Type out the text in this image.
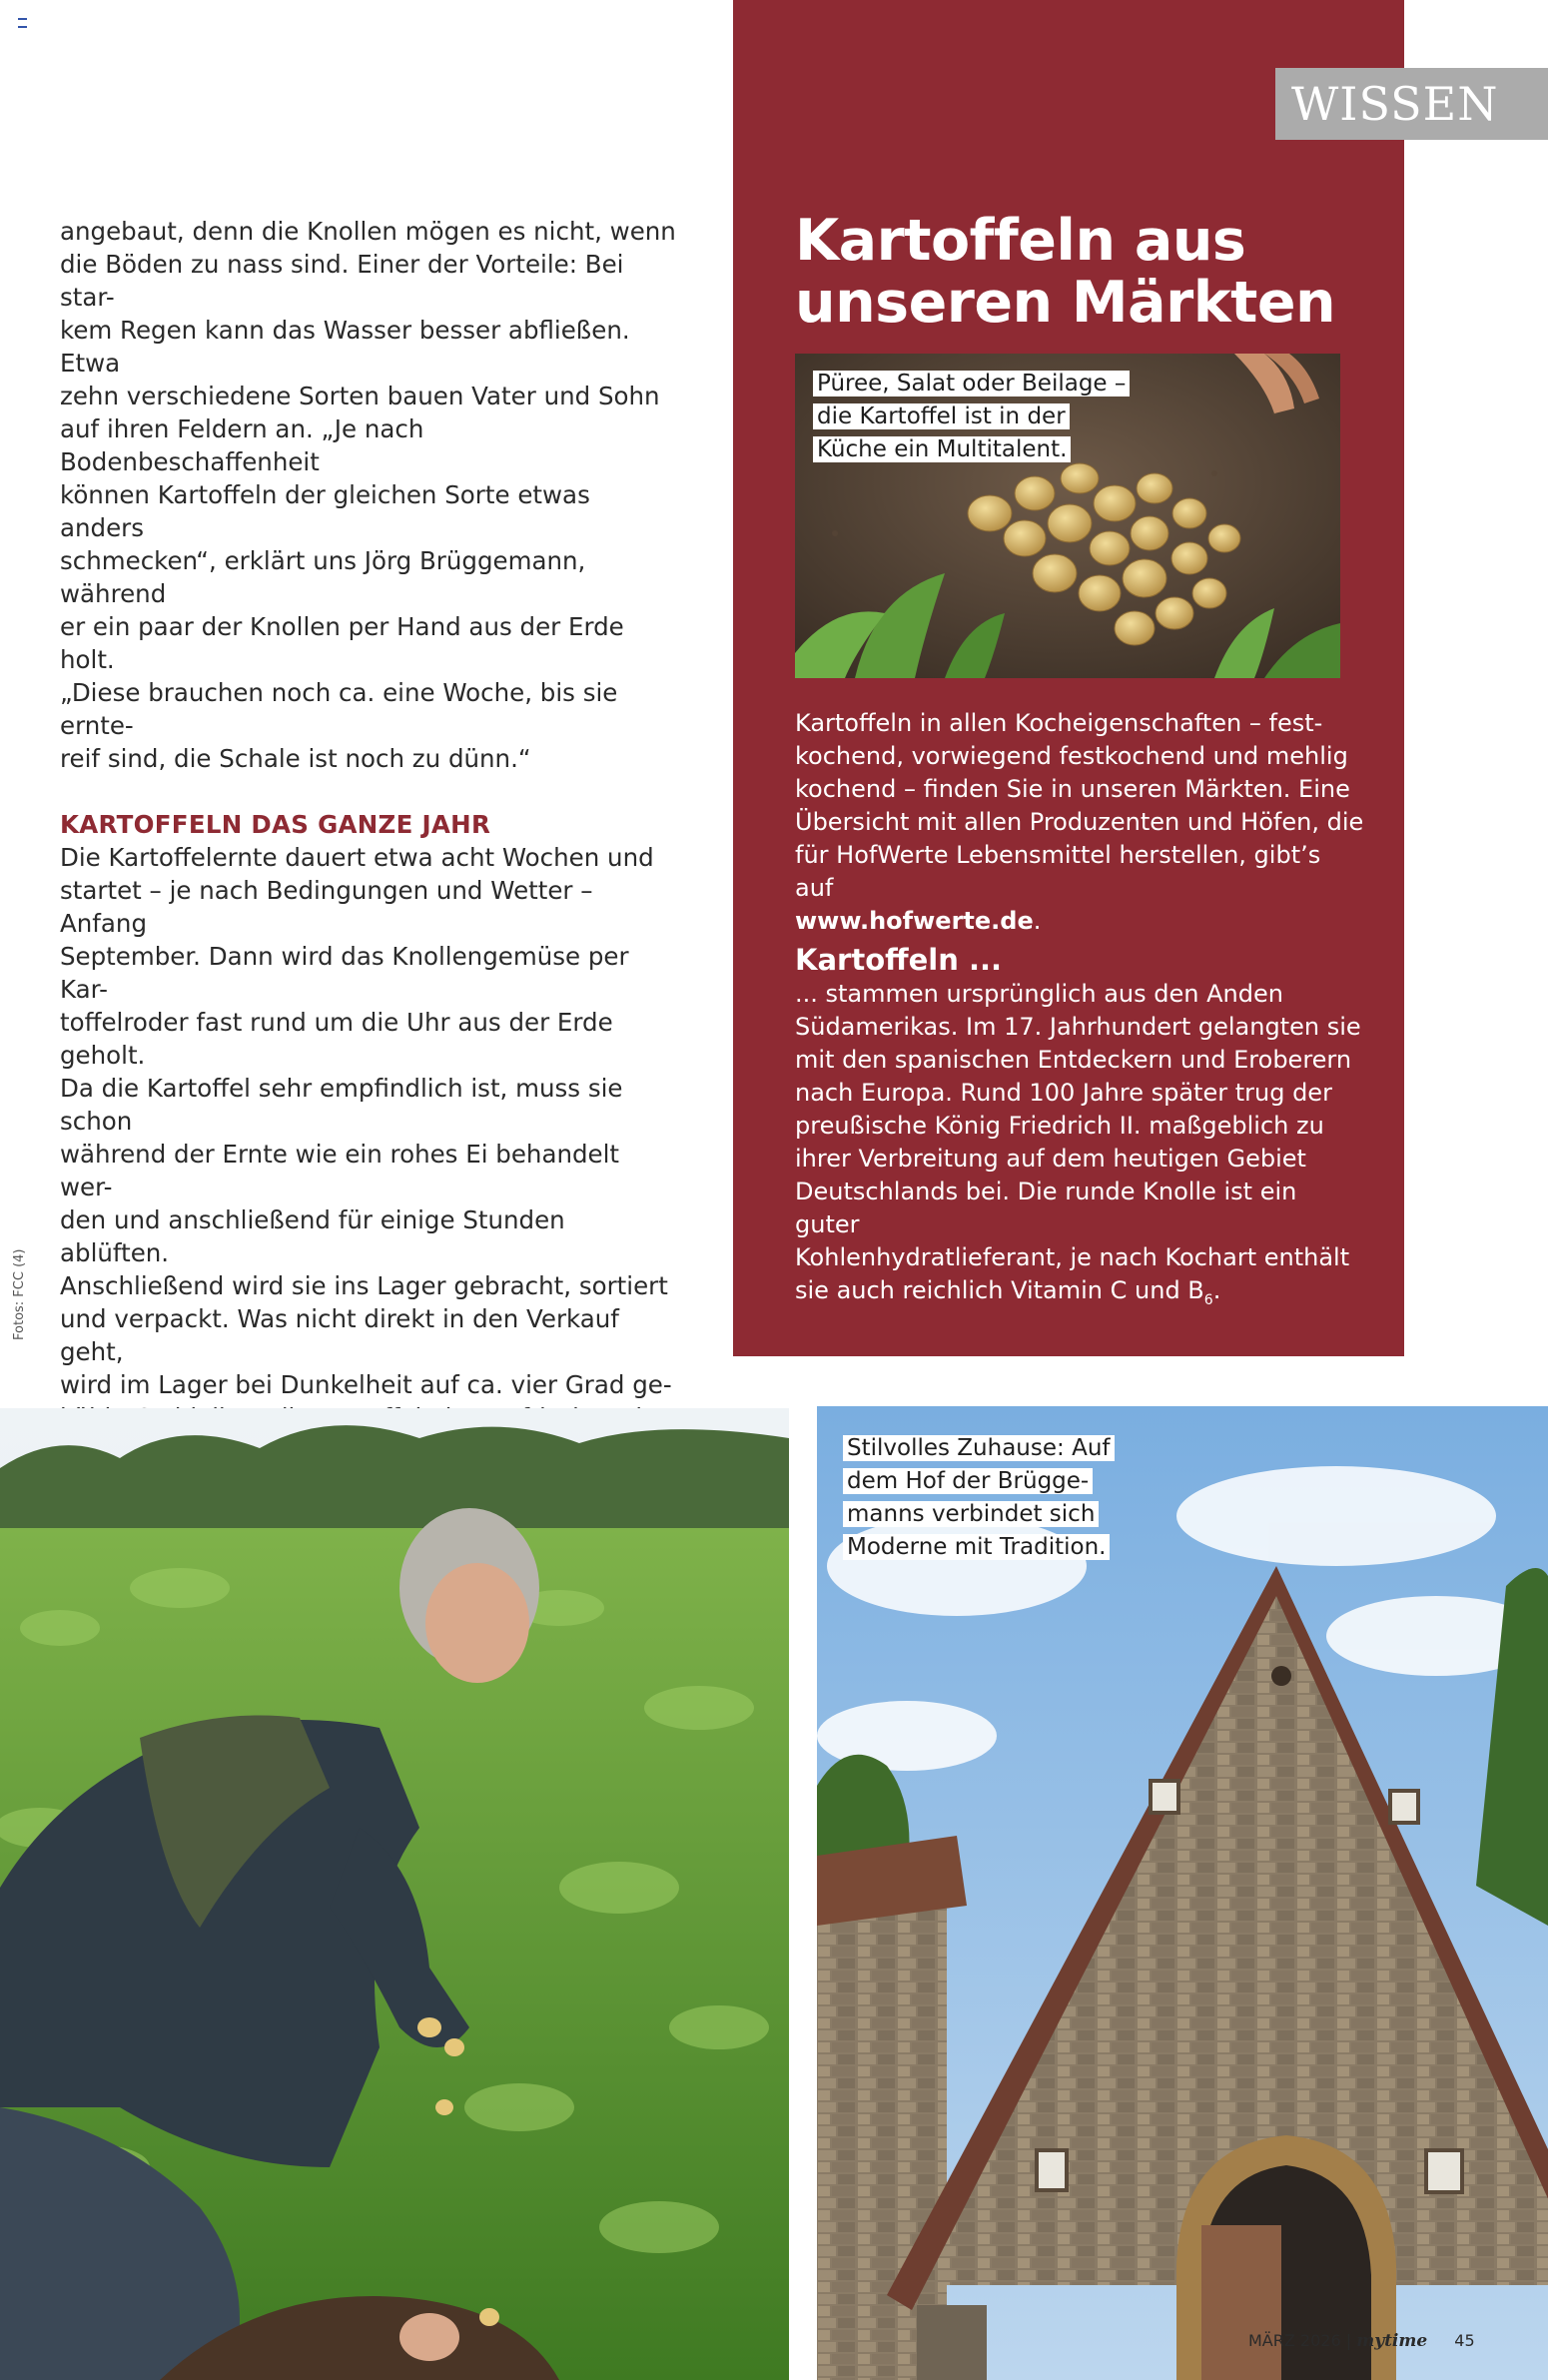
angebaut, denn die Knollen mögen es nicht, wenn
die Böden zu nass sind. Einer der Vorteile: Bei star-
kem Regen kann das Wasser besser abfließen. Etwa
zehn verschiedene Sorten bauen Vater und Sohn
auf ihren Feldern an. „Je nach Bodenbeschaffenheit
können Kartoffeln der gleichen Sorte etwas anders
schmecken“, erklärt uns Jörg Brüggemann, während
er ein paar der Knollen per Hand aus der Erde holt.
„Diese brauchen noch ca. eine Woche, bis sie ernte-
reif sind, die Schale ist noch zu dünn.“

KARTOFFELN DAS GANZE JAHR

Die Kartoffelernte dauert etwa acht Wochen und
startet – je nach Bedingungen und Wetter – Anfang
September. Dann wird das Knollengemüse per Kar-
toffelroder fast rund um die Uhr aus der Erde geholt.
Da die Kartoffel sehr empfindlich ist, muss sie schon
während der Ernte wie ein rohes Ei behandelt wer-
den und anschließend für einige Stunden ablüften.
Anschließend wird sie ins Lager gebracht, sortiert
und verpackt. Was nicht direkt in den Verkauf geht,
wird im Lager bei Dunkelheit auf ca. vier Grad ge-

Fotos: FCC (4)
WISSEN
Kartoffeln aus
unseren Märkten
Püree, Salat oder Beilage –
die Kartoffel ist in der
Küche ein Multitalent.
Kartoffeln in allen Kocheigenschaften – fest-
kochend, vorwiegend festkochend und mehlig
kochend – finden Sie in unseren Märkten. Eine
Übersicht mit allen Produzenten und Höfen, die
für HofWerte Lebensmittel herstellen, gibt’s auf
www.hofwerte.de.
Kartoffeln ...
... stammen ursprünglich aus den Anden
Südamerikas. Im 17. Jahrhundert gelangten sie
mit den spanischen Entdeckern und Eroberern
nach Europa. Rund 100 Jahre später trug der
preußische König Friedrich II. maßgeblich zu
ihrer Verbreitung auf dem heutigen Gebiet
Deutschlands bei. Die runde Knolle ist ein guter
Kohlenhydratlieferant, je nach Kochart enthält
sie auch reichlich Vitamin C und $B_6$.
Stilvolles Zuhause: Auf
dem Hof der Brügge-
manns verbindet sich
Moderne mit Tradition.
MÄRZ 2026 | mytime 45
